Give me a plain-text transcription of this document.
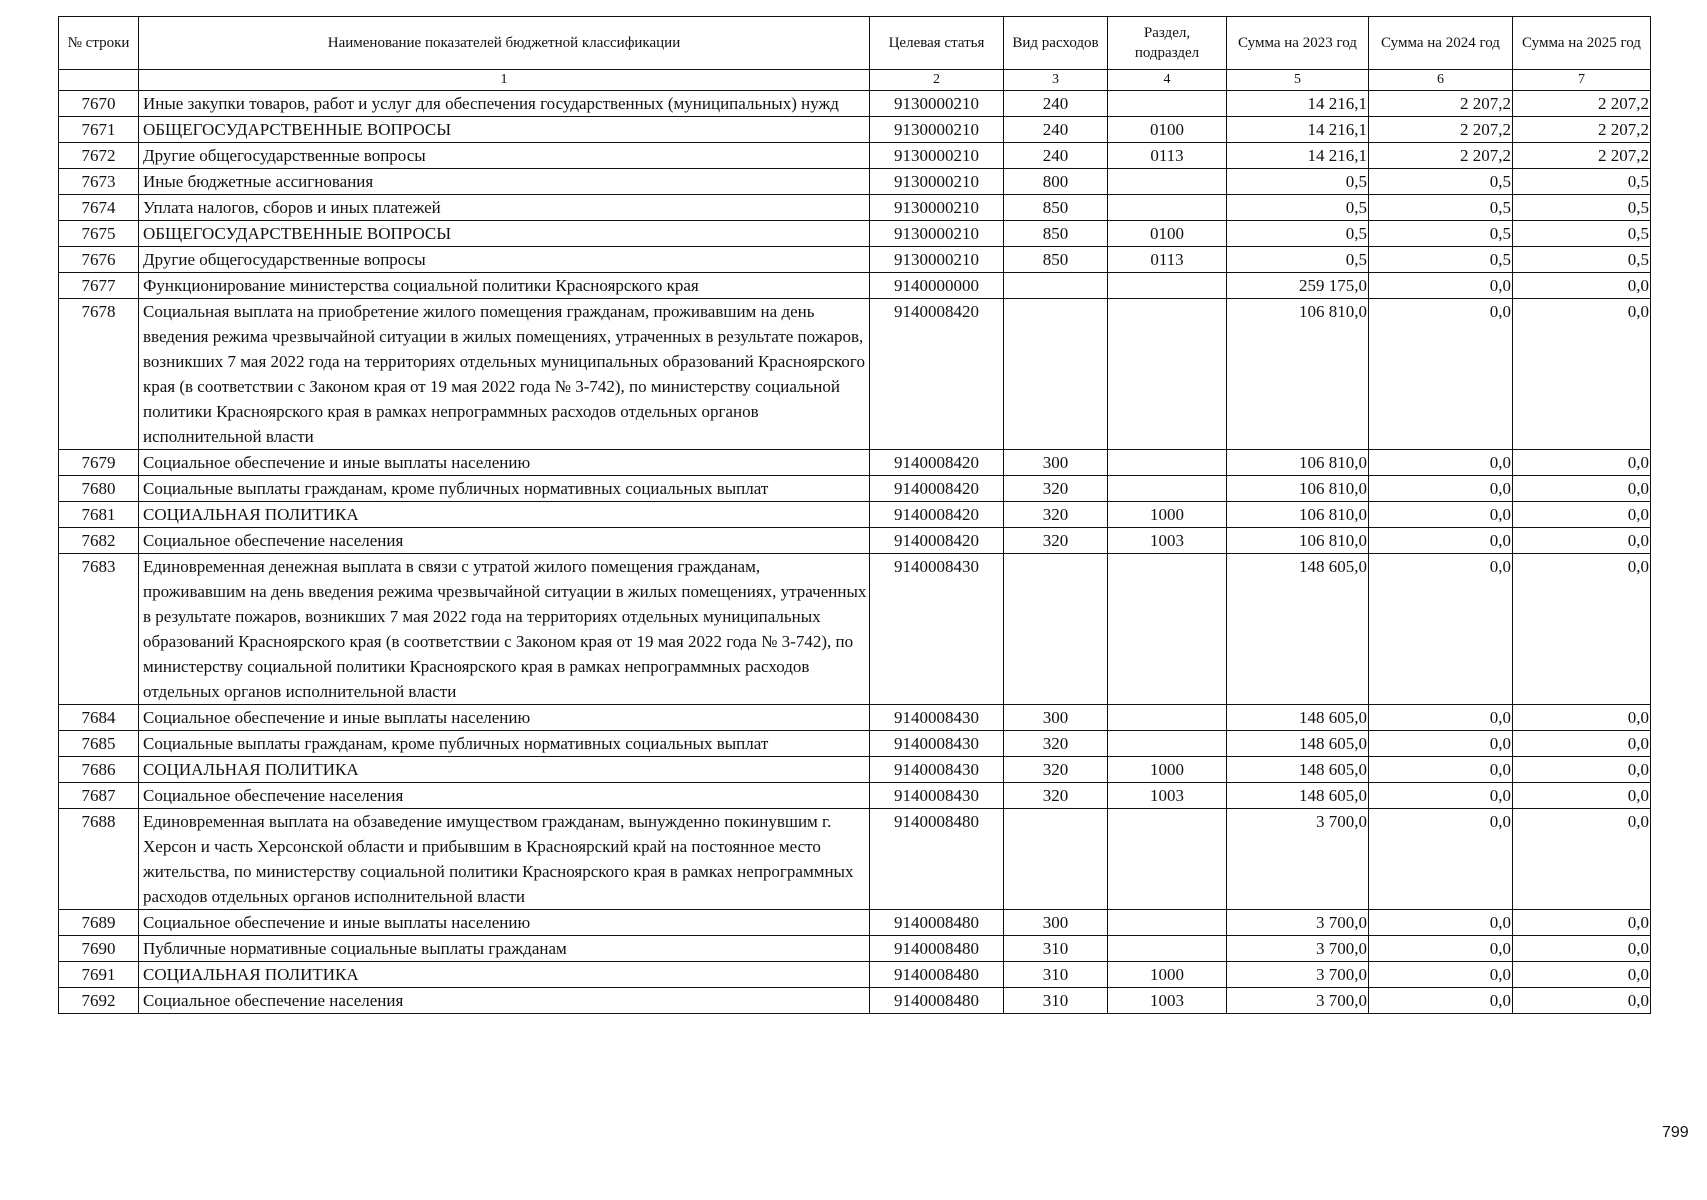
№ строки	Наименование показателей бюджетной классификации	Целевая статья	Вид расходов	Раздел, подраздел	Сумма на 2023 год	Сумма на 2024 год	Сумма на 2025 год
	1	2	3	4	5	6	7
7670	Иные закупки товаров, работ и услуг для обеспечения государственных (муниципальных) нужд	9130000210	240		14 216,1	2 207,2	2 207,2
7671	ОБЩЕГОСУДАРСТВЕННЫЕ ВОПРОСЫ	9130000210	240	0100	14 216,1	2 207,2	2 207,2
7672	Другие общегосударственные вопросы	9130000210	240	0113	14 216,1	2 207,2	2 207,2
7673	Иные бюджетные ассигнования	9130000210	800		0,5	0,5	0,5
7674	Уплата налогов, сборов и иных платежей	9130000210	850		0,5	0,5	0,5
7675	ОБЩЕГОСУДАРСТВЕННЫЕ ВОПРОСЫ	9130000210	850	0100	0,5	0,5	0,5
7676	Другие общегосударственные вопросы	9130000210	850	0113	0,5	0,5	0,5
7677	Функционирование министерства социальной политики Красноярского края	9140000000			259 175,0	0,0	0,0
7678	Социальная выплата на приобретение жилого помещения гражданам, проживавшим на день введения режима чрезвычайной ситуации в жилых помещениях, утраченных в результате пожаров, возникших 7 мая 2022 года на территориях отдельных муниципальных образований Красноярского края (в соответствии с Законом края от 19 мая 2022 года № 3-742), по министерству социальной политики Красноярского края в рамках непрограммных расходов отдельных органов исполнительной власти	9140008420			106 810,0	0,0	0,0
7679	Социальное обеспечение и иные выплаты населению	9140008420	300		106 810,0	0,0	0,0
7680	Социальные выплаты гражданам, кроме публичных нормативных социальных выплат	9140008420	320		106 810,0	0,0	0,0
7681	СОЦИАЛЬНАЯ ПОЛИТИКА	9140008420	320	1000	106 810,0	0,0	0,0
7682	Социальное обеспечение населения	9140008420	320	1003	106 810,0	0,0	0,0
7683	Единовременная денежная выплата в связи с утратой жилого помещения гражданам, проживавшим на день введения режима чрезвычайной ситуации в жилых помещениях, утраченных в результате пожаров, возникших 7 мая 2022 года на территориях отдельных муниципальных образований Красноярского края (в соответствии с Законом края от 19 мая 2022 года № 3-742), по министерству социальной политики Красноярского края в рамках непрограммных расходов отдельных органов исполнительной власти	9140008430			148 605,0	0,0	0,0
7684	Социальное обеспечение и иные выплаты населению	9140008430	300		148 605,0	0,0	0,0
7685	Социальные выплаты гражданам, кроме публичных нормативных социальных выплат	9140008430	320		148 605,0	0,0	0,0
7686	СОЦИАЛЬНАЯ ПОЛИТИКА	9140008430	320	1000	148 605,0	0,0	0,0
7687	Социальное обеспечение населения	9140008430	320	1003	148 605,0	0,0	0,0
7688	Единовременная выплата на обзаведение имуществом гражданам, вынужденно покинувшим г. Херсон и часть Херсонской области и прибывшим в Красноярский край на постоянное место жительства, по министерству социальной политики Красноярского края в рамках непрограммных расходов отдельных органов исполнительной власти	9140008480			3 700,0	0,0	0,0
7689	Социальное обеспечение и иные выплаты населению	9140008480	300		3 700,0	0,0	0,0
7690	Публичные нормативные социальные выплаты гражданам	9140008480	310		3 700,0	0,0	0,0
7691	СОЦИАЛЬНАЯ ПОЛИТИКА	9140008480	310	1000	3 700,0	0,0	0,0
7692	Социальное обеспечение населения	9140008480	310	1003	3 700,0	0,0	0,0
799
